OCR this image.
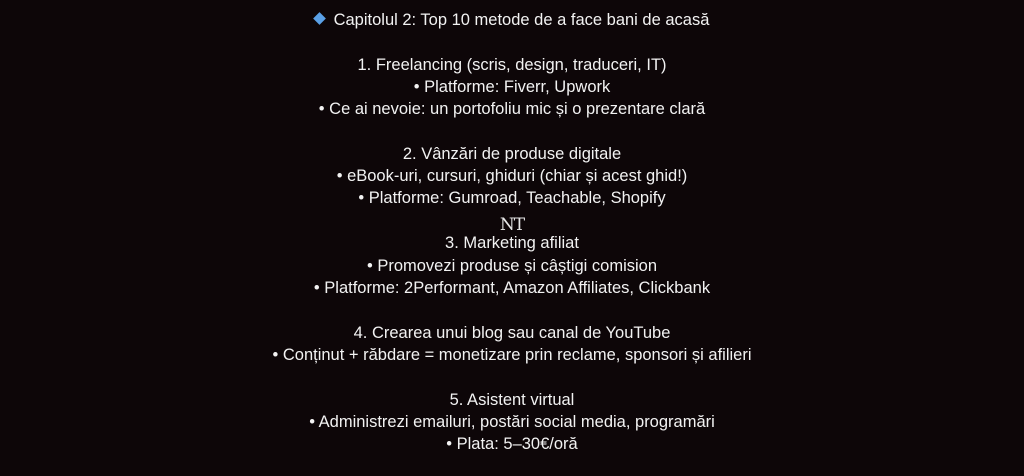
Capitolul 2: Top 10 metode de a face bani de acasă
1. Freelancing (scris, design, traduceri, IT)
• Platforme: Fiverr, Upwork
• Ce ai nevoie: un portofoliu mic și o prezentare clară
2. Vânzări de produse digitale
• eBook-uri, cursuri, ghiduri (chiar și acest ghid!)
• Platforme: Gumroad, Teachable, Shopify
NT
3. Marketing afiliat
• Promovezi produse și câștigi comision
• Platforme: 2Performant, Amazon Affiliates, Clickbank
4. Crearea unui blog sau canal de YouTube
• Conținut + răbdare = monetizare prin reclame, sponsori și afilieri
5. Asistent virtual
• Administrezi emailuri, postări social media, programări
• Plata: 5–30€/oră
